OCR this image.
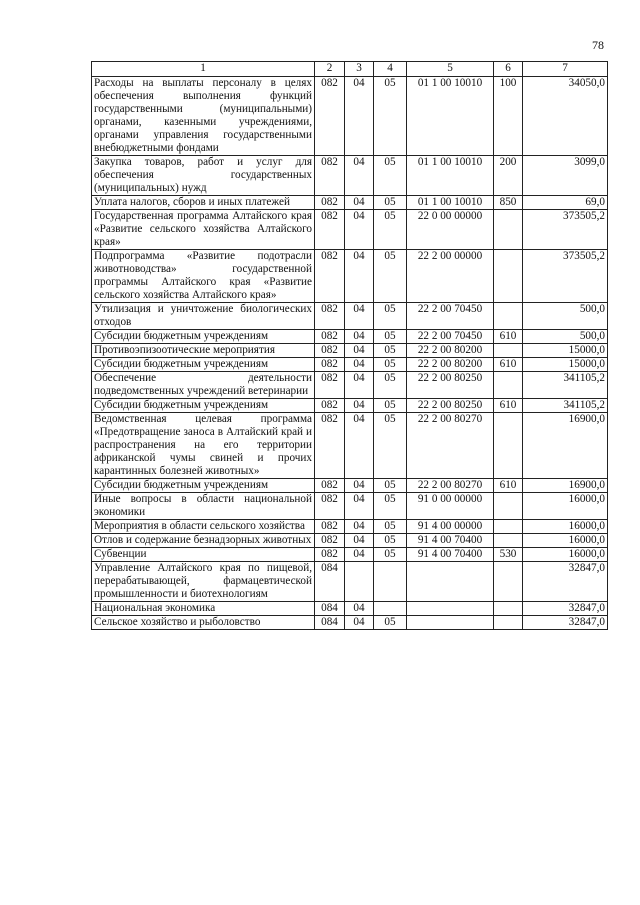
78
1	2	3	4	5	6	7
Расходы на выплаты персоналу в целях обеспечения выполнения функций государственными (муниципальными) органами, казенными учреждениями, органами управления государственными внебюджетными фондами	082	04	05	01 1 00 10010	100	34050,0
Закупка товаров, работ и услуг для обеспечения государственных (муниципальных) нужд	082	04	05	01 1 00 10010	200	3099,0
Уплата налогов, сборов и иных платежей	082	04	05	01 1 00 10010	850	69,0
Государственная программа Алтайского края «Развитие сельского хозяйства Алтайского края»	082	04	05	22 0 00 00000		373505,2
Подпрограмма «Развитие подотрасли животноводства» государственной программы Алтайского края «Развитие сельского хозяйства Алтайского края»	082	04	05	22 2 00 00000		373505,2
Утилизация и уничтожение биологических отходов	082	04	05	22 2 00 70450		500,0
Субсидии бюджетным учреждениям	082	04	05	22 2 00 70450	610	500,0
Противоэпизоотические мероприятия	082	04	05	22 2 00 80200		15000,0
Субсидии бюджетным учреждениям	082	04	05	22 2 00 80200	610	15000,0
Обеспечение деятельности подведомственных учреждений ветеринарии	082	04	05	22 2 00 80250		341105,2
Субсидии бюджетным учреждениям	082	04	05	22 2 00 80250	610	341105,2
Ведомственная целевая программа «Предотвращение заноса в Алтайский край и распространения на его территории африканской чумы свиней и прочих карантинных болезней животных»	082	04	05	22 2 00 80270		16900,0
Субсидии бюджетным учреждениям	082	04	05	22 2 00 80270	610	16900,0
Иные вопросы в области национальной экономики	082	04	05	91 0 00 00000		16000,0
Мероприятия в области сельского хозяйства	082	04	05	91 4 00 00000		16000,0
Отлов и содержание безнадзорных животных	082	04	05	91 4 00 70400		16000,0
Субвенции	082	04	05	91 4 00 70400	530	16000,0
Управление Алтайского края по пищевой, перерабатывающей, фармацевтической промышленности и биотехнологиям	084					32847,0
Национальная экономика	084	04				32847,0
Сельское хозяйство и рыболовство	084	04	05			32847,0
